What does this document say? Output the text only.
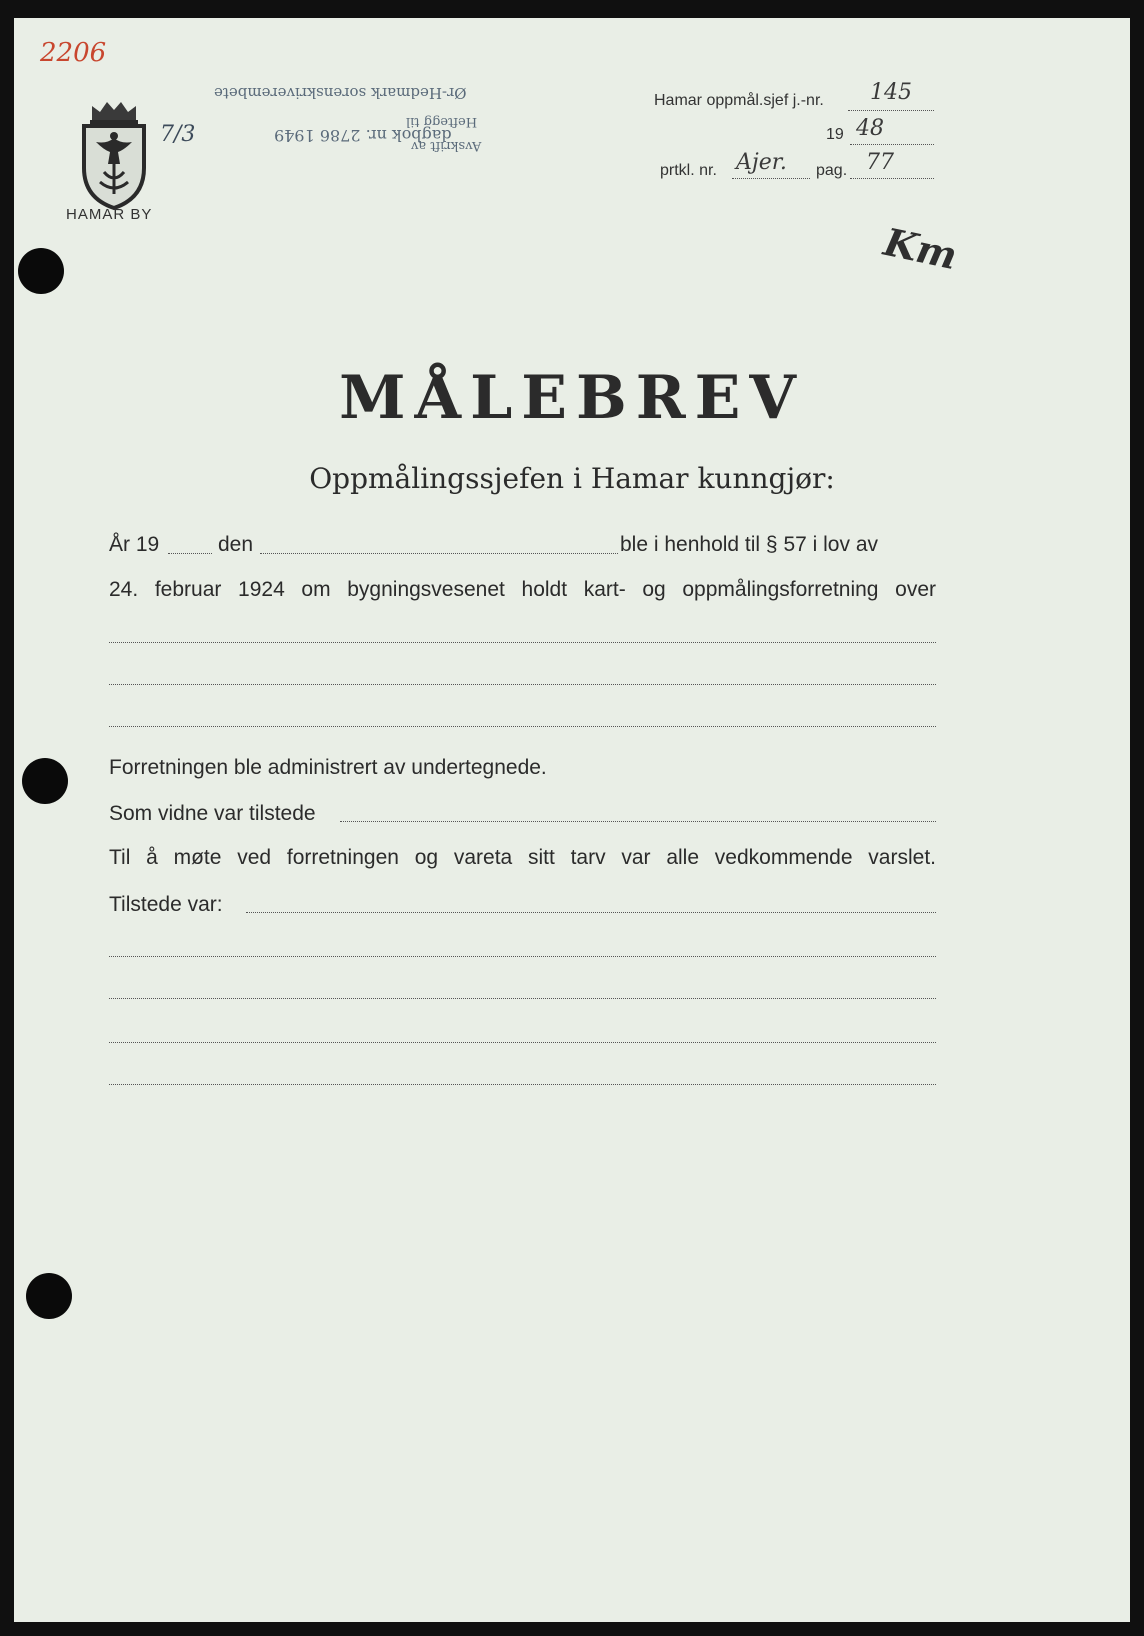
2206
HAMAR BY
Ør-Hedmark sorenskriverembete
Avskrift av
dagbok nr. 2786 1949
Heftegg til
7/3
Hamar oppmål.sjef j.-nr. 145
19 48
prtkl. nr. Ajer. pag. 77
Km
MÅLEBREV
Oppmålingssjefen i Hamar kunngjør:
År 19	den	ble i henhold til § 57 i lov av
24. februar 1924 om bygningsvesenet holdt kart- og oppmålingsforretning over
Forretningen ble administrert av undertegnede.
Som vidne var tilstede
Til å møte ved forretningen og vareta sitt tarv var alle vedkommende varslet.
Tilstede var:
